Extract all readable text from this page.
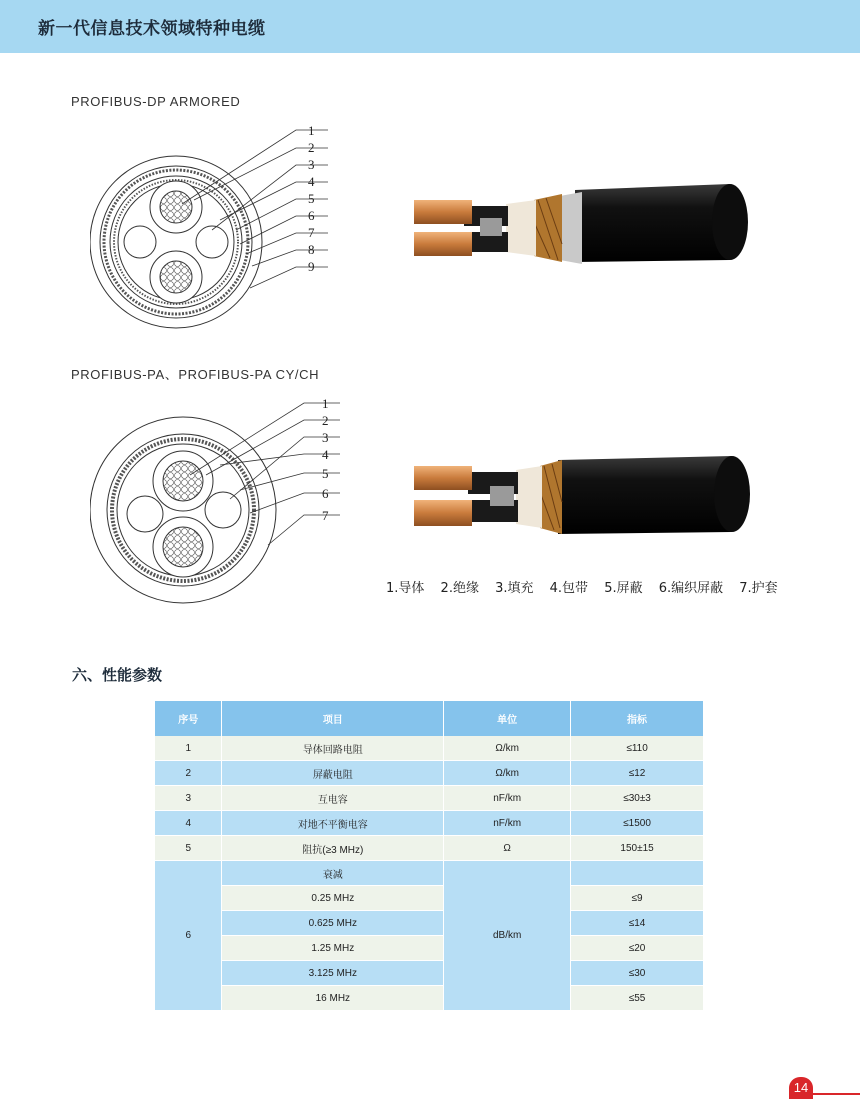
新一代信息技术领域特种电缆
PROFIBUS-DP ARMORED
1
2
3
4
5
6
7
8
9
PROFIBUS-PA、PROFIBUS-PA CY/CH
1
2
3
4
5
6
7
1.导体 2.绝缘 3.填充 4.包带 5.屏蔽 6.编织屏蔽 7.护套
六、性能参数
序号	项目	单位	指标
1	导体回路电阻	Ω/km	≤110
2	屏蔽电阻	Ω/km	≤12
3	互电容	nF/km	≤30±3
4	对地不平衡电容	nF/km	≤1500
5	阻抗(≥3 MHz)	Ω	150±15
6	衰减	dB/km	
	0.25 MHz		≤9
	0.625 MHz		≤14
	1.25 MHz		≤20
	3.125 MHz		≤30
	16 MHz		≤55
14
